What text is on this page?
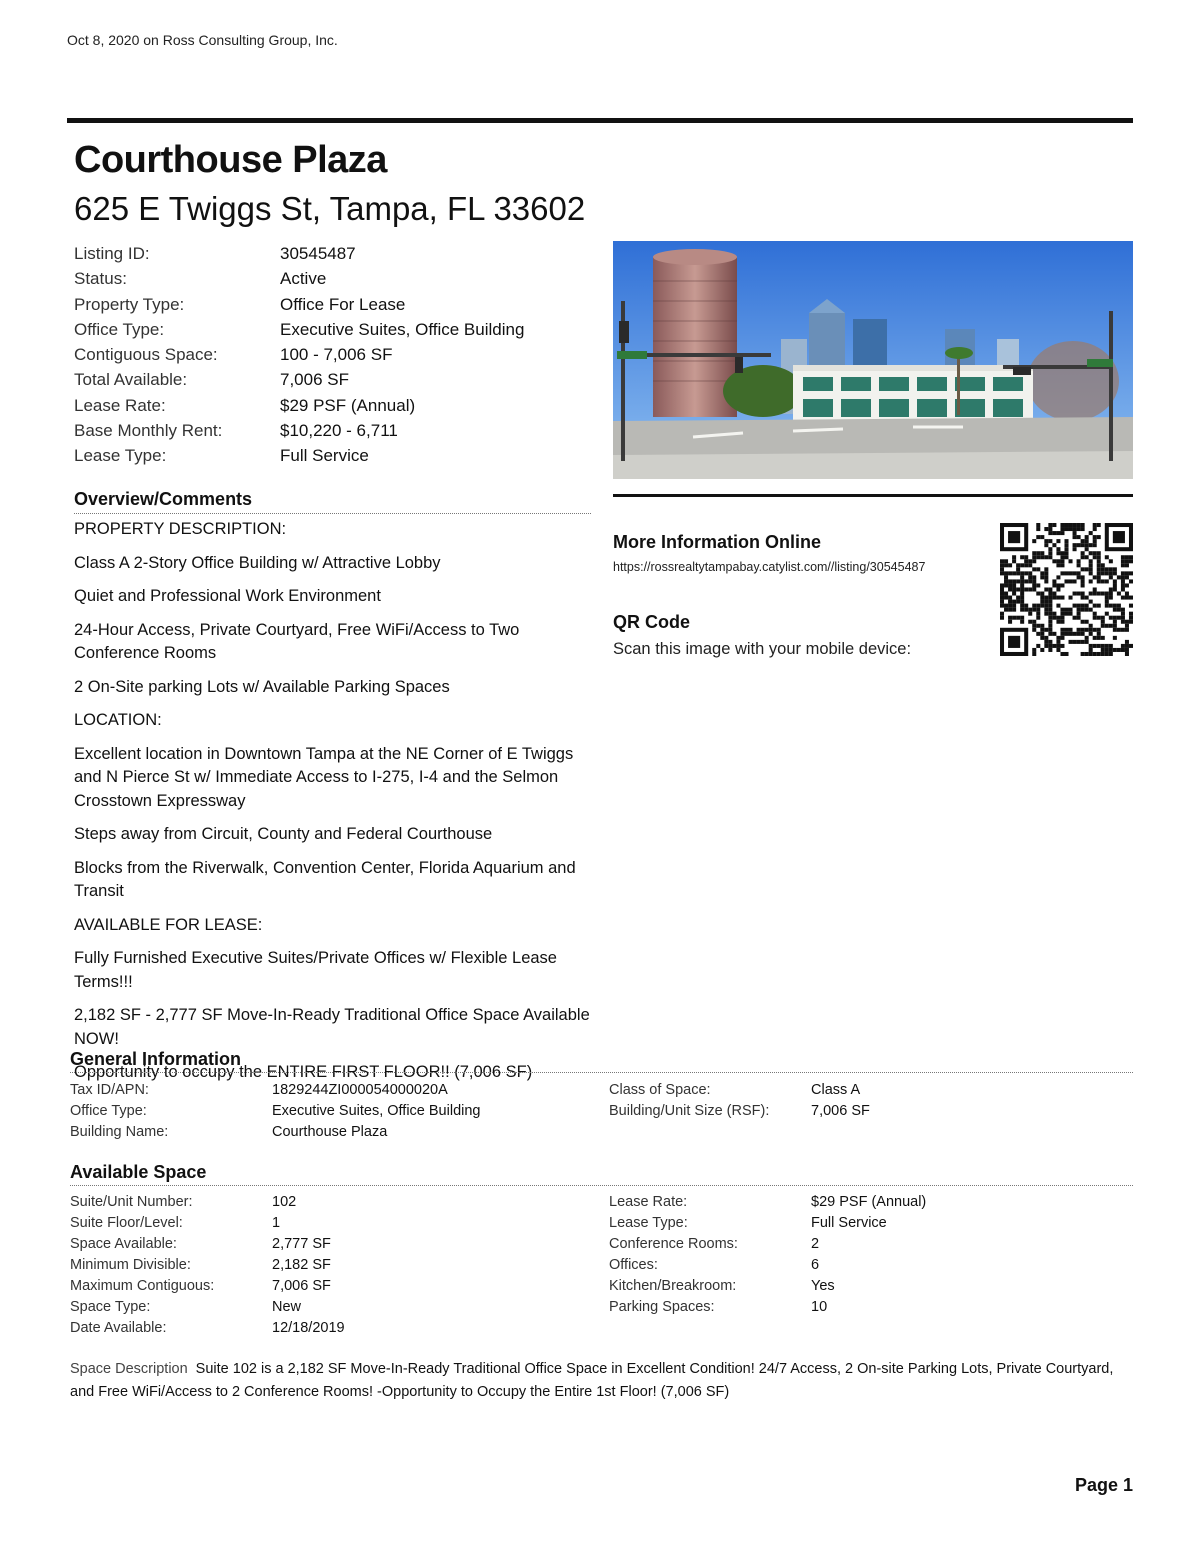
Oct 8, 2020 on Ross Consulting Group, Inc.
Courthouse Plaza
625 E Twiggs St, Tampa, FL 33602
Listing ID:	30545487
Status:	Active
Property Type:	Office For Lease
Office Type:	Executive Suites, Office Building
Contiguous Space:	100 - 7,006 SF
Total Available:	7,006 SF
Lease Rate:	$29 PSF (Annual)
Base Monthly Rent:	$10,220 - 6,711
Lease Type:	Full Service
Overview/Comments

PROPERTY DESCRIPTION:

Class A 2-Story Office Building w/ Attractive Lobby

Quiet and Professional Work Environment

24-Hour Access, Private Courtyard, Free WiFi/Access to Two Conference Rooms

2 On-Site parking Lots w/ Available Parking Spaces

LOCATION:

Excellent location in Downtown Tampa at the NE Corner of E Twiggs and N Pierce St w/ Immediate Access to I-275, I-4 and the Selmon Crosstown Expressway

Steps away from Circuit, County and Federal Courthouse

Blocks from the Riverwalk, Convention Center, Florida Aquarium and Transit

AVAILABLE FOR LEASE:

Fully Furnished Executive Suites/Private Offices w/ Flexible Lease Terms!!!

2,182 SF - 2,777 SF Move-In-Ready Traditional Office Space Available NOW!

Opportunity to occupy the ENTIRE FIRST FLOOR!! (7,006 SF)

More Information Online
https://rossrealtytampabay.catylist.com//listing/30545487
QR Code
Scan this image with your mobile device:
General Information
Tax ID/APN:	1829244ZI000054000020A
Office Type:	Executive Suites, Office Building
Building Name:	Courthouse Plaza
Class of Space:	Class A
Building/Unit Size (RSF):	7,006 SF
Available Space
Suite/Unit Number:	102
Suite Floor/Level:	1
Space Available:	2,777 SF
Minimum Divisible:	2,182 SF
Maximum Contiguous:	7,006 SF
Space Type:	New
Date Available:	12/18/2019
Lease Rate:	$29 PSF (Annual)
Lease Type:	Full Service
Conference Rooms:	2
Offices:	6
Kitchen/Breakroom:	Yes
Parking Spaces:	10
Space Description Suite 102 is a 2,182 SF Move-In-Ready Traditional Office Space in Excellent Condition! 24/7 Access, 2 On-site Parking Lots, Private Courtyard, and Free WiFi/Access to 2 Conference Rooms! -Opportunity to Occupy the Entire 1st Floor! (7,006 SF)
Page 1
